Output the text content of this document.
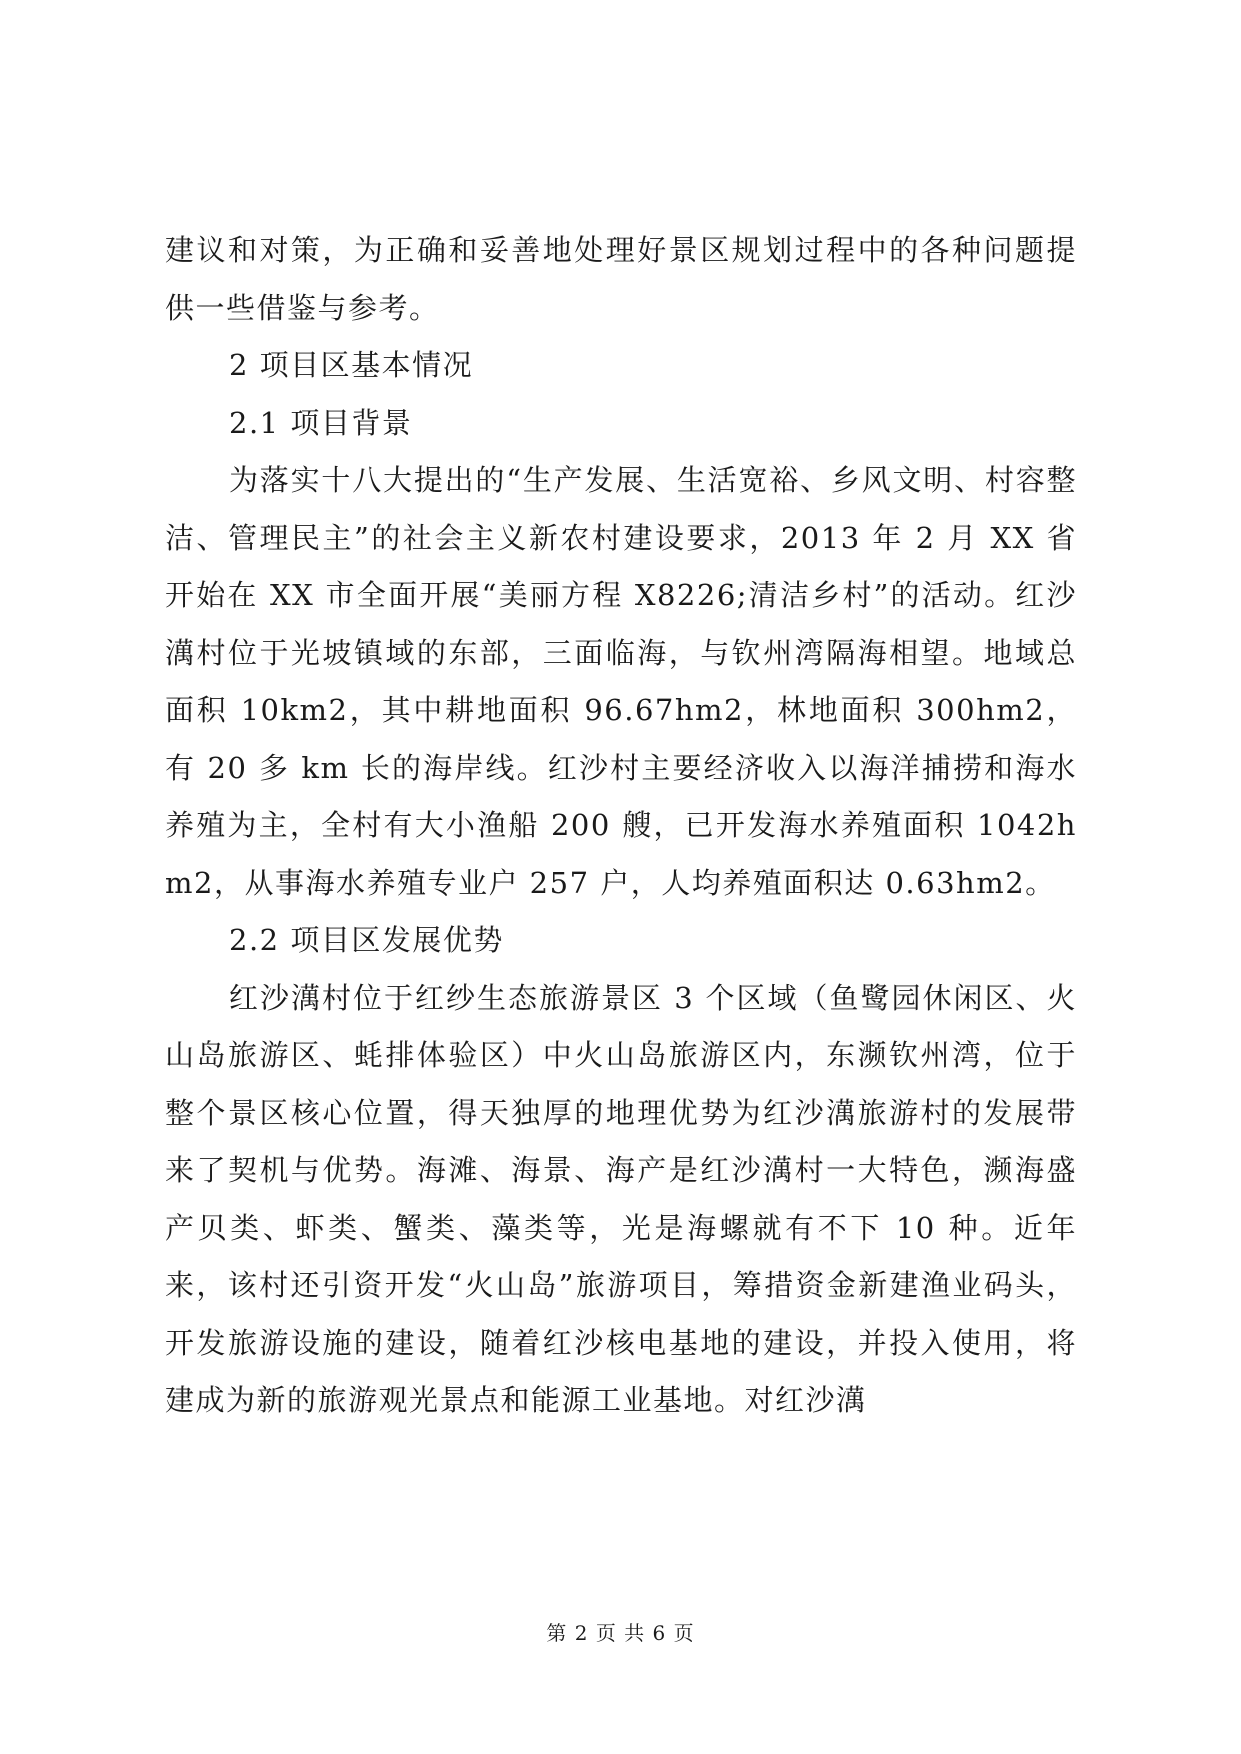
建议和对策，为正确和妥善地处理好景区规划过程中的各种问题提供一些借鉴与参考。

2 项目区基本情况

2.1 项目背景

为落实十八大提出的“生产发展、生活宽裕、乡风文明、村容整洁、管理民主”的社会主义新农村建设要求，2013 年 2 月 XX 省开始在 XX 市全面开展“美丽方程 X8226;清洁乡村”的活动。红沙澫村位于光坡镇域的东部，三面临海，与钦州湾隔海相望。地域总面积 10km2，其中耕地面积 96.67hm2，林地面积 300hm2，有 20 多 km 长的海岸线。红沙村主要经济收入以海洋捕捞和海水养殖为主，全村有大小渔船 200 艘，已开发海水养殖面积 1042hm2，从事海水养殖专业户 257 户，人均养殖面积达 0.63hm2。

2.2 项目区发展优势

红沙澫村位于红纱生态旅游景区 3 个区域（鱼鹭园休闲区、火山岛旅游区、蚝排体验区）中火山岛旅游区内，东濒钦州湾，位于整个景区核心位置，得天独厚的地理优势为红沙澫旅游村的发展带来了契机与优势。海滩、海景、海产是红沙澫村一大特色，濒海盛产贝类、虾类、蟹类、藻类等，光是海螺就有不下 10 种。近年来，该村还引资开发“火山岛”旅游项目，筹措资金新建渔业码头，开发旅游设施的建设，随着红沙核电基地的建设，并投入使用，将建成为新的旅游观光景点和能源工业基地。对红沙澫

第 2 页 共 6 页
